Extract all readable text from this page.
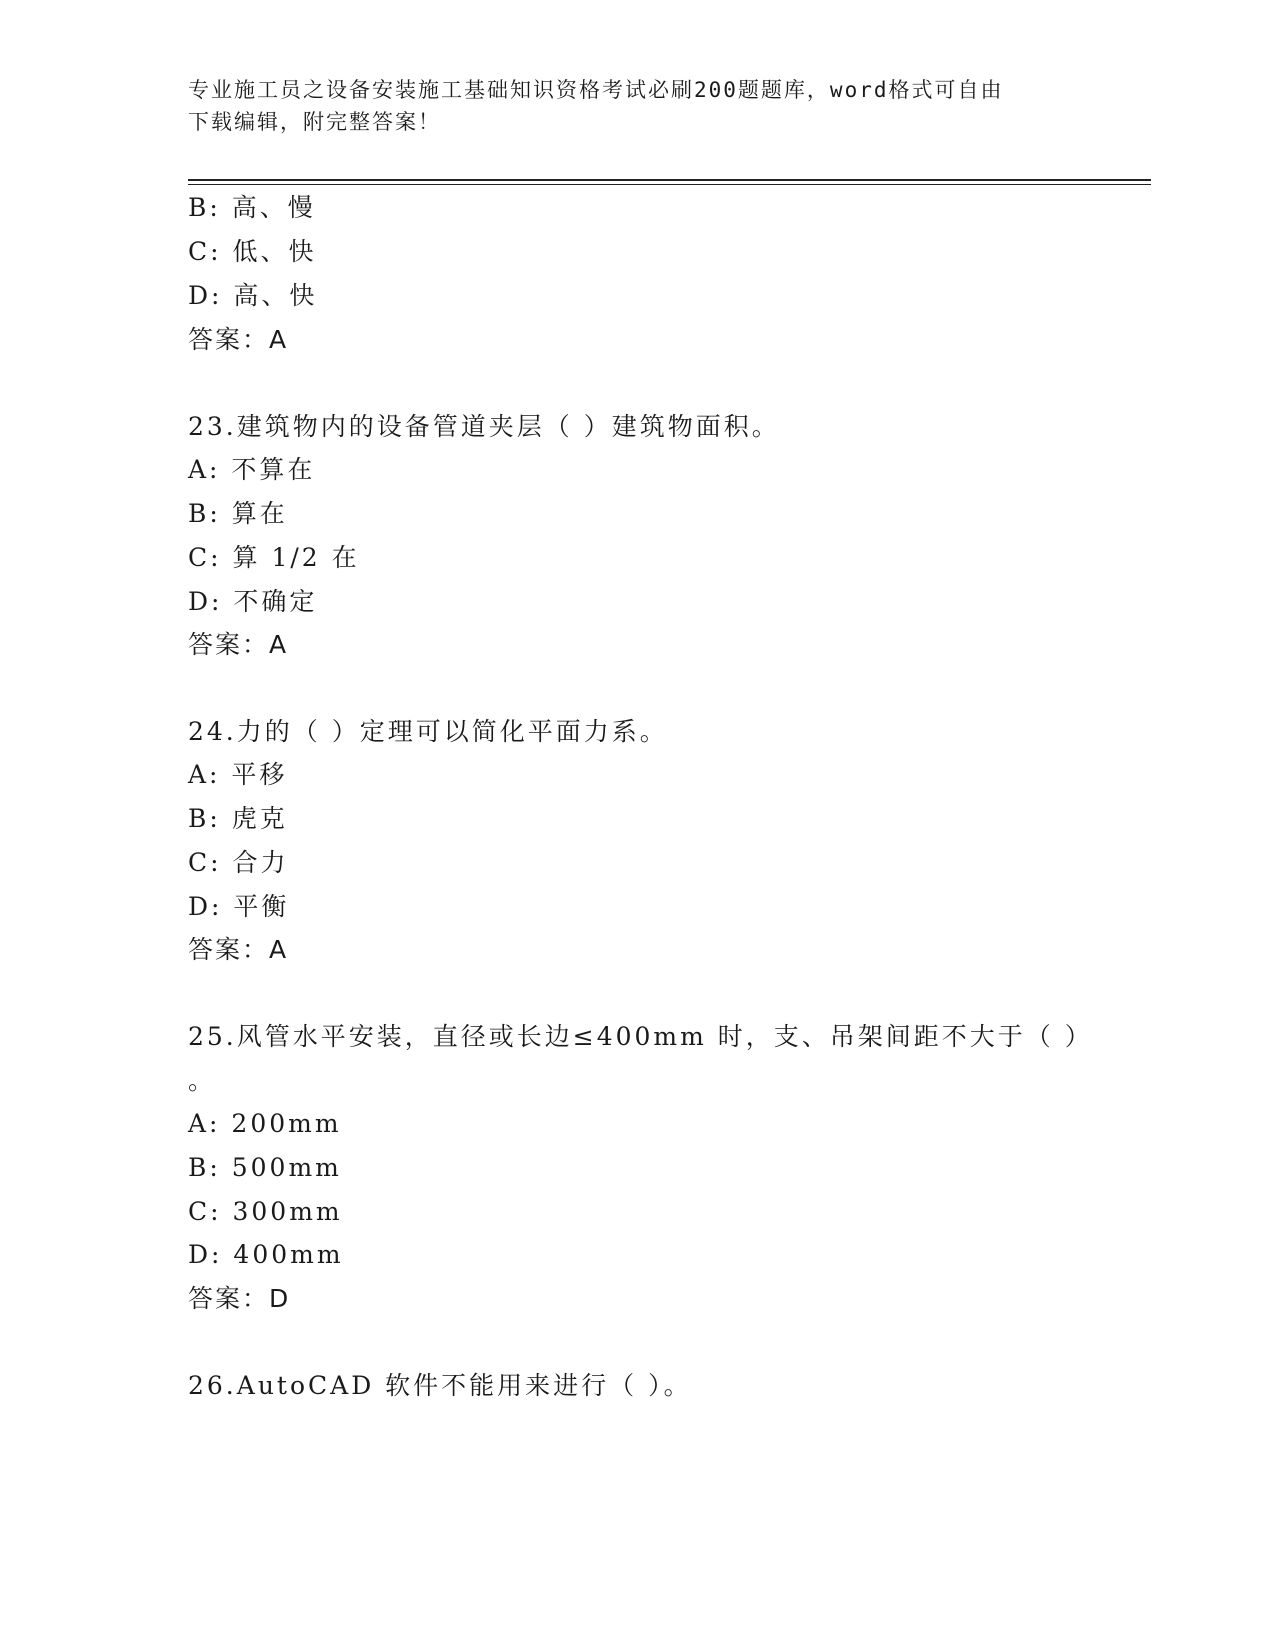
专业施工员之设备安装施工基础知识资格考试必刷200题题库，word格式可自由
下载编辑，附完整答案！
B: 高、慢
C: 低、快
D: 高、快
答案：A
23.建筑物内的设备管道夹层（ ）建筑物面积。
A: 不算在
B: 算在
C: 算 1/2 在
D: 不确定
答案：A
24.力的（ ）定理可以简化平面力系。
A: 平移
B: 虎克
C: 合力
D: 平衡
答案：A
25.风管水平安装，直径或长边≤400mm 时，支、吊架间距不大于（ ）
。
A: 200mm
B: 500mm
C: 300mm
D: 400mm
答案：D
26.AutoCAD 软件不能用来进行（ ）。
